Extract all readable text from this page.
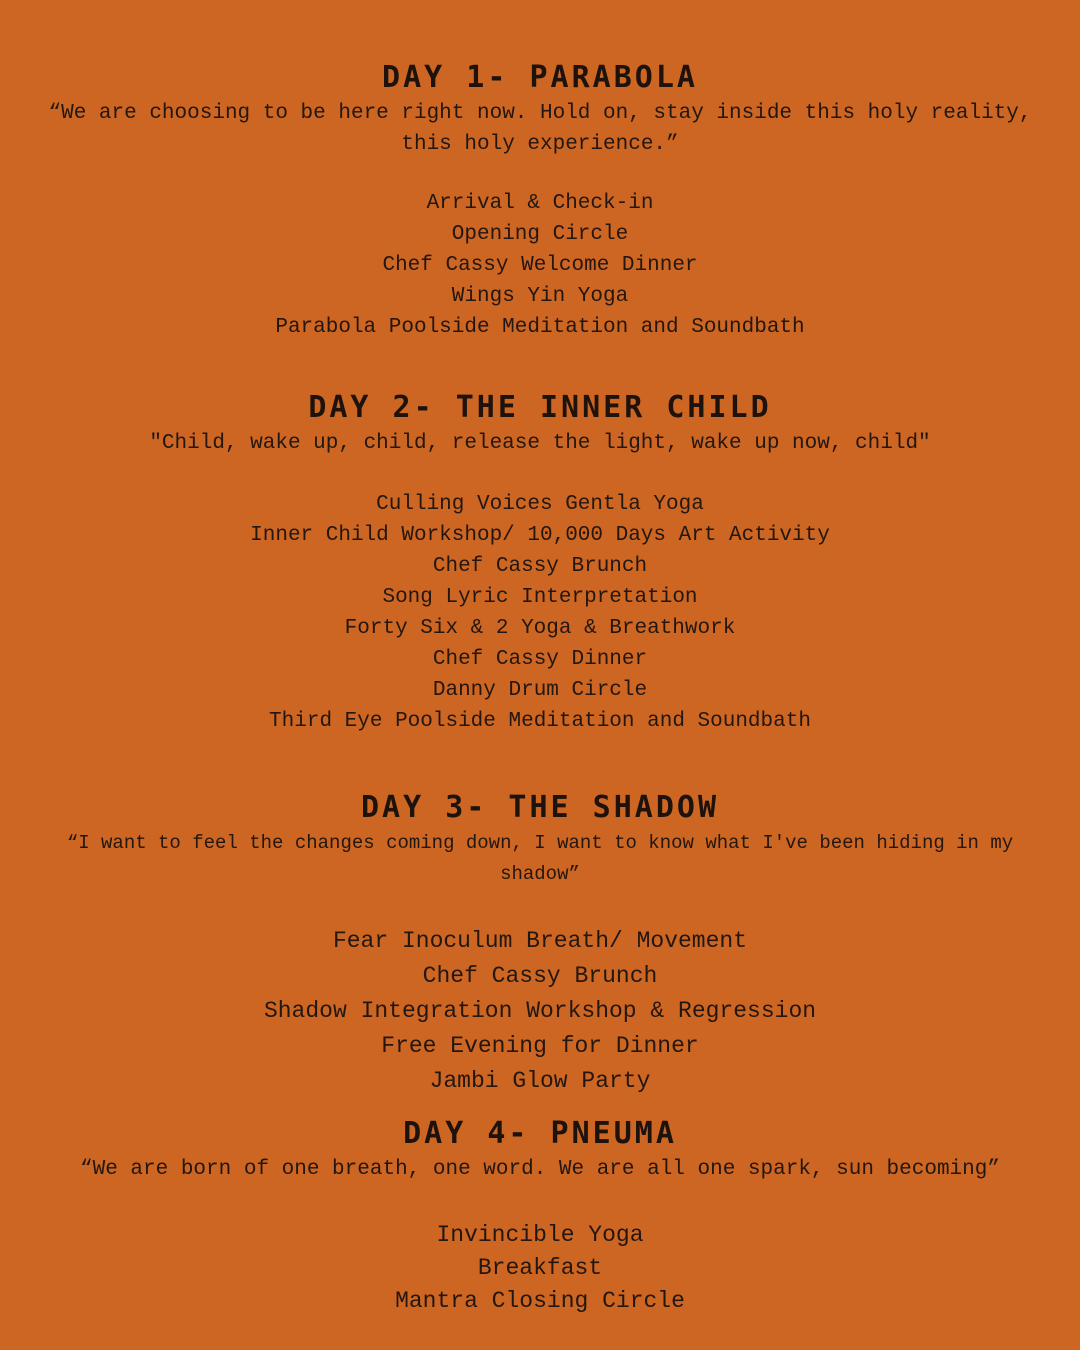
DAY 1- PARABOLA

“We are choosing to be here right now. Hold on, stay inside this holy reality, this holy experience.”

Arrival & Check-in
Opening Circle
Chef Cassy Welcome Dinner
Wings Yin Yoga
Parabola Poolside Meditation and Soundbath
DAY 2- THE INNER CHILD

"Child, wake up, child, release the light, wake up now, child"

Culling Voices Gentla Yoga
Inner Child Workshop/ 10,000 Days Art Activity
Chef Cassy Brunch
Song Lyric Interpretation
Forty Six & 2 Yoga & Breathwork
Chef Cassy Dinner
Danny Drum Circle
Third Eye Poolside Meditation and Soundbath
DAY 3- THE SHADOW

“I want to feel the changes coming down, I want to know what I've been hiding in my shadow”

Fear Inoculum Breath/ Movement
Chef Cassy Brunch
Shadow Integration Workshop & Regression
Free Evening for Dinner
Jambi Glow Party
DAY 4- PNEUMA

“We are born of one breath, one word. We are all one spark, sun becoming”

Invincible Yoga
Breakfast
Mantra Closing Circle
